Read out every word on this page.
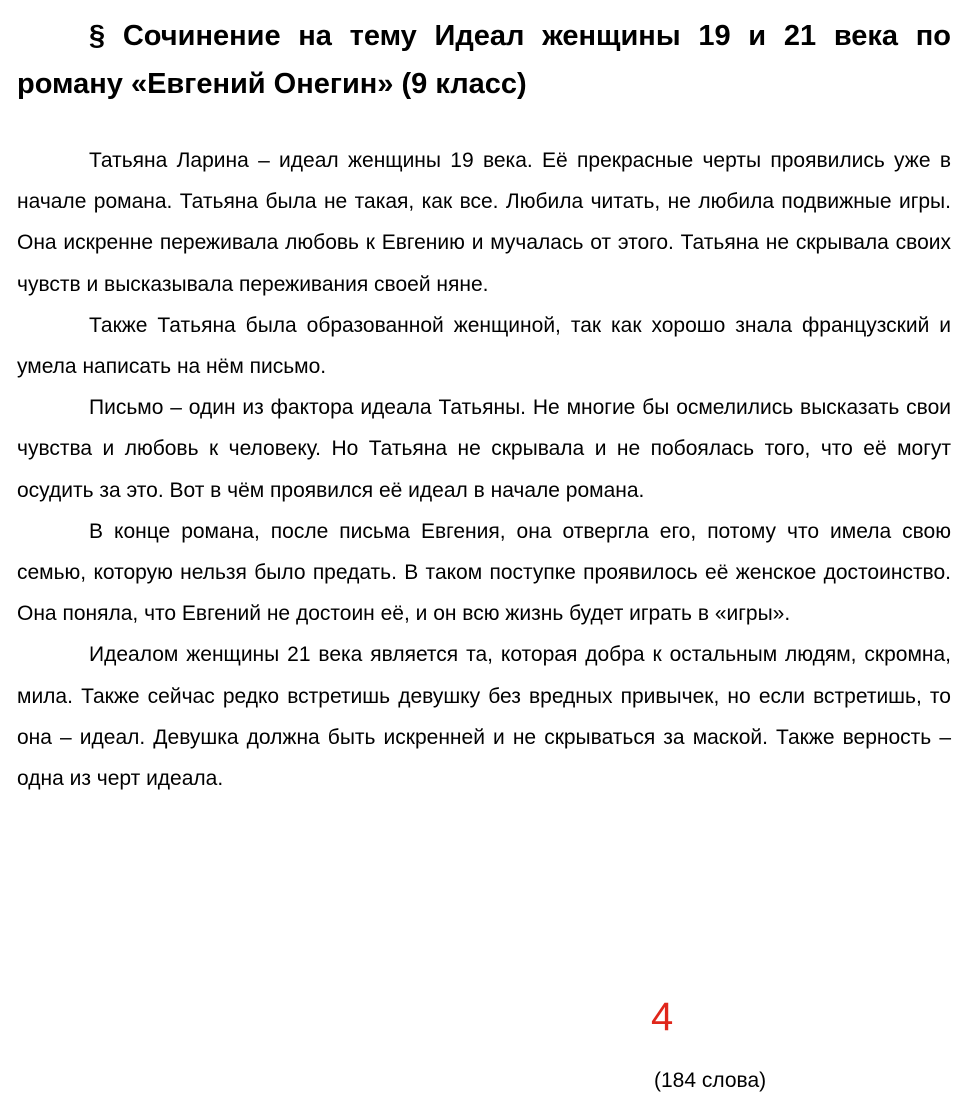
§ Сочинение на тему Идеал женщины 19 и 21 века по роману «Евгений Онегин» (9 класс)

Татьяна Ларина – идеал женщины 19 века. Её прекрасные черты проявились уже в начале романа. Татьяна была не такая, как все. Любила читать, не любила подвижные игры. Она искренне переживала любовь к Евгению и мучалась от этого. Татьяна не скрывала своих чувств и высказывала переживания своей няне.

Также Татьяна была образованной женщиной, так как хорошо знала французский и умела написать на нём письмо.

Письмо – один из фактора идеала Татьяны. Не многие бы осмелились высказать свои чувства и любовь к человеку. Но Татьяна не скрывала и не побоялась того, что её могут осудить за это. Вот в чём проявился её идеал в начале романа.

В конце романа, после письма Евгения, она отвергла его, потому что имела свою семью, которую нельзя было предать. В таком поступке проявилось её женское достоинство. Она поняла, что Евгений не достоин её, и он всю жизнь будет играть в «игры».

Идеалом женщины 21 века является та, которая добра к остальным людям, скромна, мила. Также сейчас редко встретишь девушку без вредных привычек, но если встретишь, то она – идеал. Девушка должна быть искренней и не скрываться за маской. Также верность – одна из черт идеала.

4
(184 слова)
